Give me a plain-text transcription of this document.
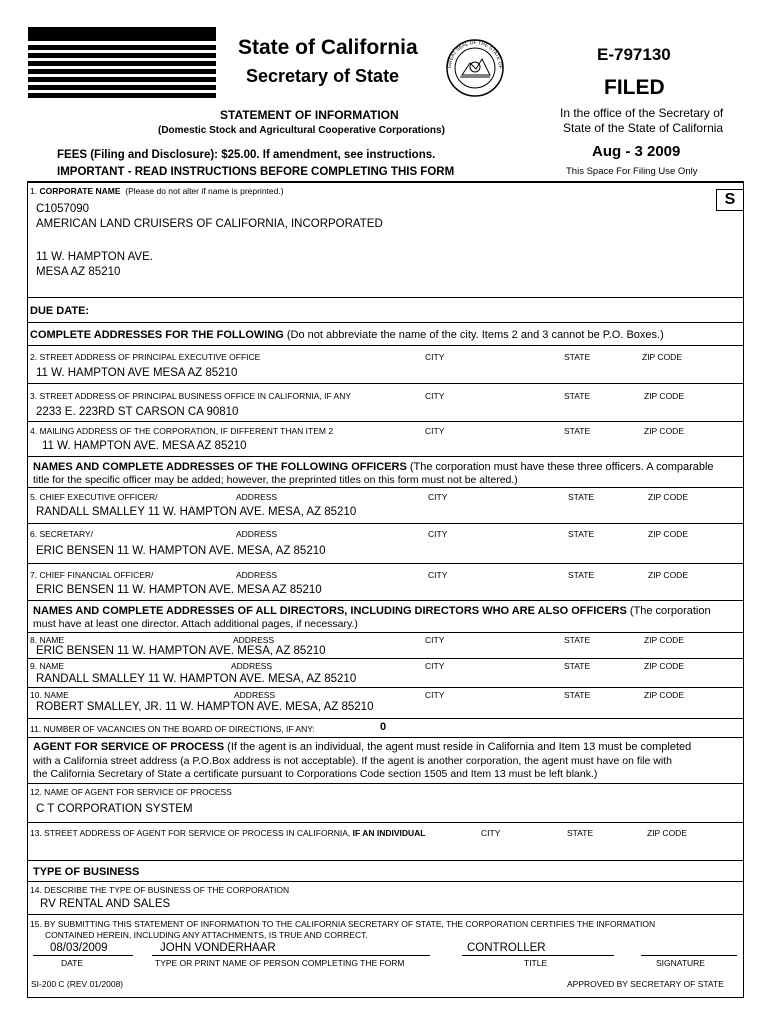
State of California
Secretary of State	GREAT SEAL OF THE STATE OF
E-797130
FILED
In the office of the Secretary of
State of the State of California
Aug - 3 2009
This Space For Filing Use Only
STATEMENT OF INFORMATION
(Domestic Stock and Agricultural Cooperative Corporations)
FEES (Filing and Disclosure): $25.00. If amendment, see instructions.
IMPORTANT - READ INSTRUCTIONS BEFORE COMPLETING THIS FORM
S
1. CORPORATE NAME (Please do not alter if name is preprinted.)
C1057090
AMERICAN LAND CRUISERS OF CALIFORNIA, INCORPORATED
11 W. HAMPTON AVE.
MESA AZ 85210
DUE DATE:
COMPLETE ADDRESSES FOR THE FOLLOWING (Do not abbreviate the name of the city. Items 2 and 3 cannot be P.O. Boxes.)
2. STREET ADDRESS OF PRINCIPAL EXECUTIVE OFFICE	CITY	STATE	ZIP CODE
11 W. HAMPTON AVE MESA AZ 85210
3. STREET ADDRESS OF PRINCIPAL BUSINESS OFFICE IN CALIFORNIA, IF ANY	CITY	STATE	ZIP CODE
2233 E. 223RD ST CARSON CA 90810
4. MAILING ADDRESS OF THE CORPORATION, IF DIFFERENT THAN ITEM 2	CITY	STATE	ZIP CODE
11 W. HAMPTON AVE. MESA AZ 85210
NAMES AND COMPLETE ADDRESSES OF THE FOLLOWING OFFICERS (The corporation must have these three officers. A comparable
title for the specific officer may be added; however, the preprinted titles on this form must not be altered.)
5. CHIEF EXECUTIVE OFFICER/	ADDRESS	CITY	STATE	ZIP CODE
RANDALL SMALLEY 11 W. HAMPTON AVE. MESA, AZ 85210
6. SECRETARY/	ADDRESS	CITY	STATE	ZIP CODE
ERIC BENSEN 11 W. HAMPTON AVE. MESA, AZ 85210
7. CHIEF FINANCIAL OFFICER/	ADDRESS	CITY	STATE	ZIP CODE
ERIC BENSEN 11 W. HAMPTON AVE. MESA AZ 85210
NAMES AND COMPLETE ADDRESSES OF ALL DIRECTORS, INCLUDING DIRECTORS WHO ARE ALSO OFFICERS (The corporation
must have at least one director. Attach additional pages, if necessary.)
8. NAME	ADDRESS	CITY	STATE	ZIP CODE
ERIC BENSEN 11 W. HAMPTON AVE. MESA, AZ 85210
9. NAME	ADDRESS	CITY	STATE	ZIP CODE
RANDALL SMALLEY 11 W. HAMPTON AVE. MESA, AZ 85210
10. NAME	ADDRESS	CITY	STATE	ZIP CODE
ROBERT SMALLEY, JR. 11 W. HAMPTON AVE. MESA, AZ 85210
11. NUMBER OF VACANCIES ON THE BOARD OF DIRECTIONS, IF ANY:	0
AGENT FOR SERVICE OF PROCESS (If the agent is an individual, the agent must reside in California and Item 13 must be completed
with a California street address (a P.O.Box address is not acceptable). If the agent is another corporation, the agent must have on file with
the California Secretary of State a certificate pursuant to Corporations Code section 1505 and Item 13 must be left blank.)
12. NAME OF AGENT FOR SERVICE OF PROCESS
C T CORPORATION SYSTEM
13. STREET ADDRESS OF AGENT FOR SERVICE OF PROCESS IN CALIFORNIA, IF AN INDIVIDUAL	CITY	STATE	ZIP CODE
TYPE OF BUSINESS
14. DESCRIBE THE TYPE OF BUSINESS OF THE CORPORATION
RV RENTAL AND SALES
15. BY SUBMITTING THIS STATEMENT OF INFORMATION TO THE CALIFORNIA SECRETARY OF STATE, THE CORPORATION CERTIFIES THE INFORMATION
CONTAINED HEREIN, INCLUDING ANY ATTACHMENTS, IS TRUE AND CORRECT.
08/03/2009	JOHN VONDERHAAR	CONTROLLER
DATE	TYPE OR PRINT NAME OF PERSON COMPLETING THE FORM	TITLE	SIGNATURE
SI-200 C (REV 01/2008)	APPROVED BY SECRETARY OF STATE
